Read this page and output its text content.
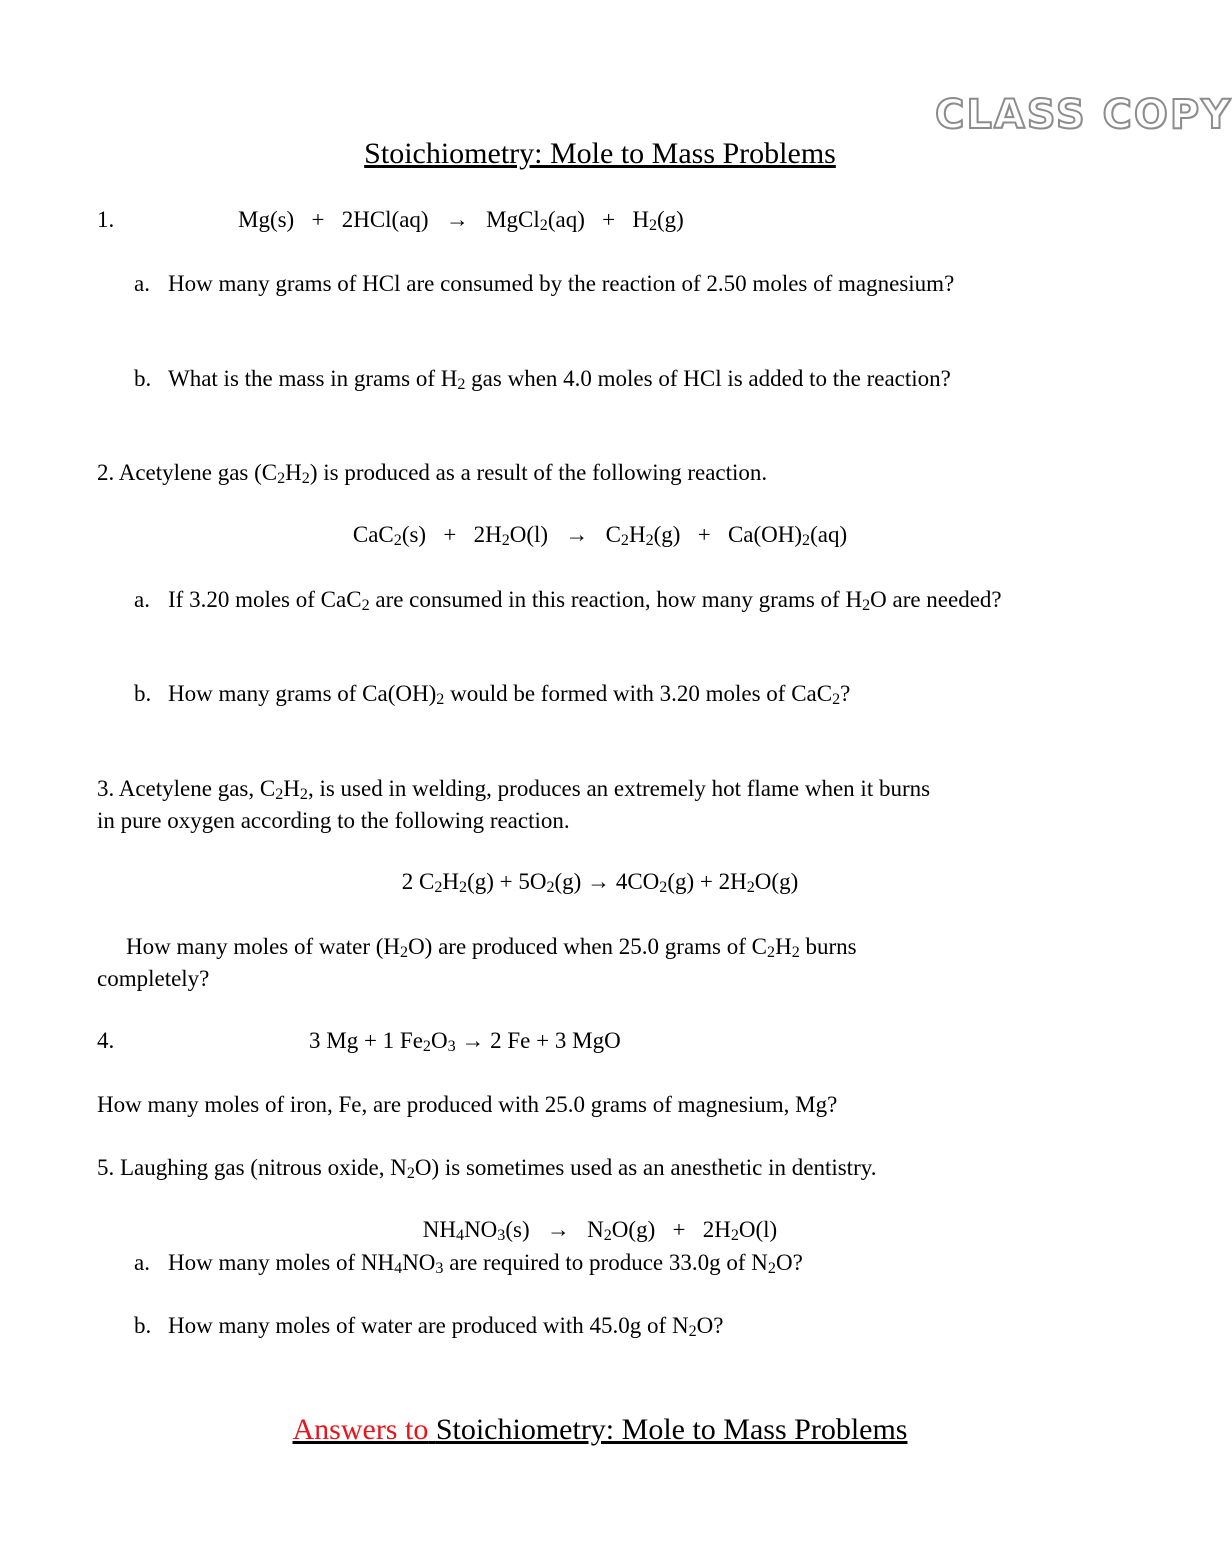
CLASS COPY
Stoichiometry: Mole to Mass Problems
1.	Mg(s) + 2HCl(aq) → MgCl$_2$(aq) + $H_2(g)$
a. How many grams of HCl are consumed by the reaction of 2.50 moles of magnesium?
b. What is the mass in grams of $H_2$ gas when 4.0 moles of HCl is added to the reaction?
2. Acetylene gas $(C_2H_2)$ is produced as a result of the following reaction.
$CaC_2(s) + 2H_2O(l) \to C_2H_2(g) + Ca(OH)_2(aq)$
a. If 3.20 moles of CaC$_2$ are consumed in this reaction, how many grams of $H_2O$ are needed?
b. How many grams of $Ca(OH)_2$ would be formed with 3.20 moles of CaC$_2$?
3. Acetylene gas, $C_2H_2$, is used in welding, produces an extremely hot flame when it burns
in pure oxygen according to the following reaction.
2 $C_2H_2(g) + 5O_2(g) \to 4CO_2(g) + 2H_2O(g)$
How many moles of water $(H_2O)$ are produced when 25.0 grams of $C_2H_2$ burns
completely?
4.	3 Mg + 1 $Fe_2O_3 \to 2$ Fe + 3 MgO
How many moles of iron, Fe, are produced with 25.0 grams of magnesium, Mg?
5. Laughing gas (nitrous oxide, $N_2O$) is sometimes used as an anesthetic in dentistry.
$NH_4NO_3(s) \to N_2O(g) + 2H_2O(l)$
a. How many moles of $NH_4NO_3$ are required to produce 33.0g of $N_2O$?
b. How many moles of water are produced with 45.0g of $N_2O$?
Answers to Stoichiometry: Mole to Mass Problems
